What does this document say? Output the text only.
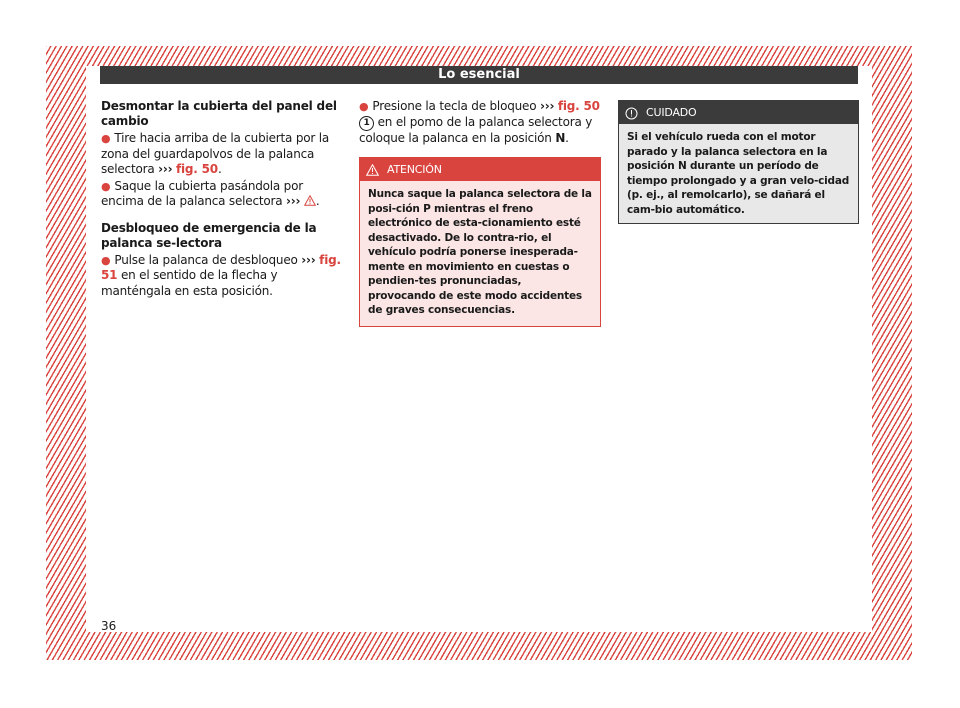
Lo esencial
Desmontar la cubierta del panel del cambio

● Tire hacia arriba de la cubierta por la zona del guardapolvos de la palanca selectora ››› fig. 50.

● Saque la cubierta pasándola por encima de la palanca selectora ››› .

Desbloqueo de emergencia de la palanca se-lectora

● Pulse la palanca de desbloqueo ››› fig. 51 en el sentido de la flecha y manténgala en esta posición.

● Presione la tecla de bloqueo ››› fig. 50 1 en el pomo de la palanca selectora y coloque la palanca en la posición N.

ATENCIÓN
Nunca saque la palanca selectora de la posi-ción P mientras el freno electrónico de esta-cionamiento esté desactivado. De lo contra-rio, el vehículo podría ponerse inesperada-mente en movimiento en cuestas o pendien-tes pronunciadas, provocando de este modo accidentes de graves consecuencias.
CUIDADO
Si el vehículo rueda con el motor parado y la palanca selectora en la posición N durante un período de tiempo prolongado y a gran velo-cidad (p. ej., al remolcarlo), se dañará el cam-bio automático.
36
